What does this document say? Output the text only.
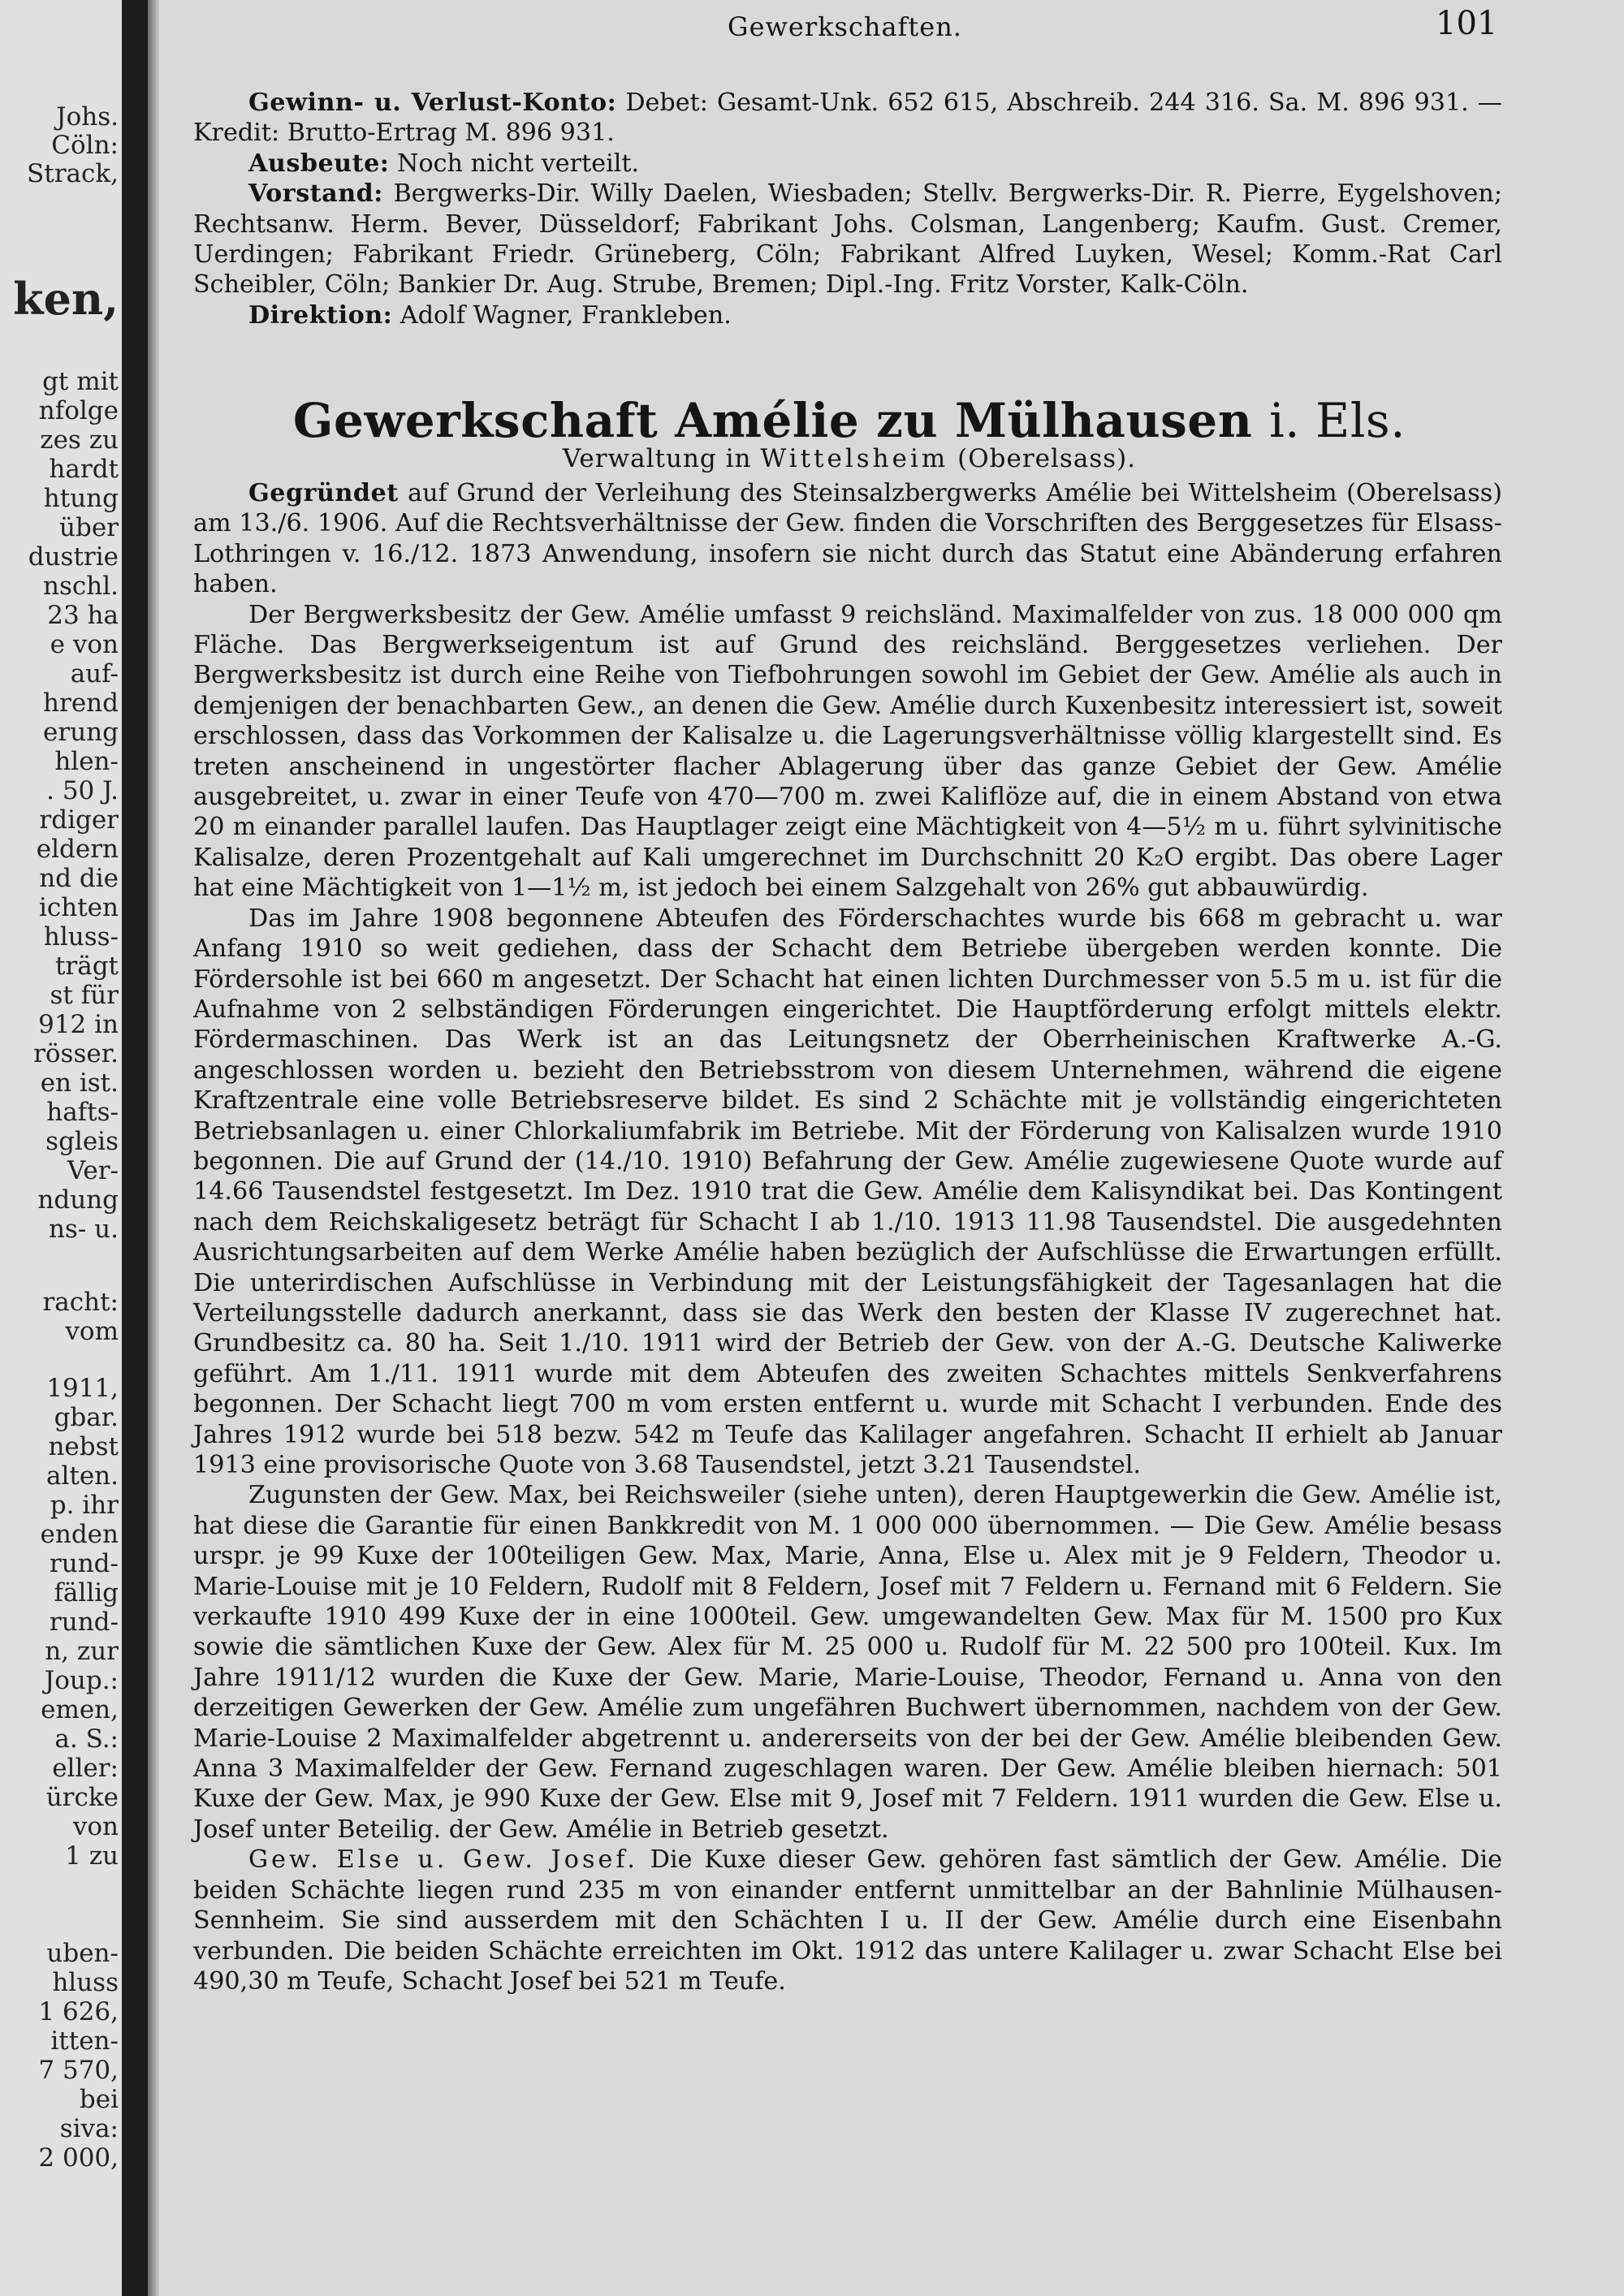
Johs.
Cöln:
Strack,
ken,
gt mit
nfolge
zes zu
hardt
htung
über
dustrie
nschl.
23 ha
e von
auf-
hrend
erung
hlen-
. 50 J.
rdiger
eldern
nd die
ichten
hluss-
trägt
st für
912 in
rösser.
en ist.
hafts-
sgleis
Ver-
ndung
ns- u.
racht:
vom
1911,
gbar.
nebst
alten.
p. ihr
enden
rund-
fällig
rund-
n, zur
Joup.:
emen,
a. S.:
eller:
ürcke
von
1 zu
uben-
hluss
1 626,
itten-
7 570,
bei
siva:
2 000,
Gewerkschaften.	101

Gewinn- u. Verlust-Konto: Debet: Gesamt-Unk. 652 615, Abschreib. 244 316. Sa. M. 896 931. — Kredit: Brutto-Ertrag M. 896 931.

Ausbeute: Noch nicht verteilt.

Vorstand: Bergwerks-Dir. Willy Daelen, Wiesbaden; Stellv. Bergwerks-Dir. R. Pierre, Eygelshoven; Rechtsanw. Herm. Bever, Düsseldorf; Fabrikant Johs. Colsman, Langenberg; Kaufm. Gust. Cremer, Uerdingen; Fabrikant Friedr. Grüneberg, Cöln; Fabrikant Alfred Luyken, Wesel; Komm.-Rat Carl Scheibler, Cöln; Bankier Dr. Aug. Strube, Bremen; Dipl.-Ing. Fritz Vorster, Kalk-Cöln.

Direktion: Adolf Wagner, Frankleben.

Gewerkschaft Amélie zu Mülhausen i. Els.
Verwaltung in Wittelsheim (Oberelsass).

Gegründet auf Grund der Verleihung des Steinsalzbergwerks Amélie bei Wittelsheim (Oberelsass) am 13./6. 1906. Auf die Rechtsverhältnisse der Gew. finden die Vorschriften des Berggesetzes für Elsass-Lothringen v. 16./12. 1873 Anwendung, insofern sie nicht durch das Statut eine Abänderung erfahren haben.

Der Bergwerksbesitz der Gew. Amélie umfasst 9 reichsländ. Maximalfelder von zus. 18 000 000 qm Fläche. Das Bergwerkseigentum ist auf Grund des reichsländ. Berggesetzes verliehen. Der Bergwerksbesitz ist durch eine Reihe von Tiefbohrungen sowohl im Gebiet der Gew. Amélie als auch in demjenigen der benachbarten Gew., an denen die Gew. Amélie durch Kuxenbesitz interessiert ist, soweit erschlossen, dass das Vorkommen der Kalisalze u. die Lagerungsverhältnisse völlig klargestellt sind. Es treten anscheinend in ungestörter flacher Ablagerung über das ganze Gebiet der Gew. Amélie ausgebreitet, u. zwar in einer Teufe von 470—700 m. zwei Kaliflöze auf, die in einem Abstand von etwa 20 m einander parallel laufen. Das Hauptlager zeigt eine Mächtigkeit von 4—5½ m u. führt sylvinitische Kalisalze, deren Prozentgehalt auf Kali umgerechnet im Durchschnitt 20 K₂O ergibt. Das obere Lager hat eine Mächtigkeit von 1—1½ m, ist jedoch bei einem Salzgehalt von 26% gut abbauwürdig.

Das im Jahre 1908 begonnene Abteufen des Förderschachtes wurde bis 668 m gebracht u. war Anfang 1910 so weit gediehen, dass der Schacht dem Betriebe übergeben werden konnte. Die Fördersohle ist bei 660 m angesetzt. Der Schacht hat einen lichten Durchmesser von 5.5 m u. ist für die Aufnahme von 2 selbständigen Förderungen eingerichtet. Die Hauptförderung erfolgt mittels elektr. Fördermaschinen. Das Werk ist an das Leitungsnetz der Oberrheinischen Kraftwerke A.-G. angeschlossen worden u. bezieht den Betriebsstrom von diesem Unternehmen, während die eigene Kraftzentrale eine volle Betriebsreserve bildet. Es sind 2 Schächte mit je vollständig eingerichteten Betriebsanlagen u. einer Chlorkaliumfabrik im Betriebe. Mit der Förderung von Kalisalzen wurde 1910 begonnen. Die auf Grund der (14./10. 1910) Befahrung der Gew. Amélie zugewiesene Quote wurde auf 14.66 Tausendstel festgesetzt. Im Dez. 1910 trat die Gew. Amélie dem Kalisyndikat bei. Das Kontingent nach dem Reichskaligesetz beträgt für Schacht I ab 1./10. 1913 11.98 Tausendstel. Die ausgedehnten Ausrichtungsarbeiten auf dem Werke Amélie haben bezüglich der Aufschlüsse die Erwartungen erfüllt. Die unterirdischen Aufschlüsse in Verbindung mit der Leistungsfähigkeit der Tagesanlagen hat die Verteilungsstelle dadurch anerkannt, dass sie das Werk den besten der Klasse IV zugerechnet hat. Grundbesitz ca. 80 ha. Seit 1./10. 1911 wird der Betrieb der Gew. von der A.-G. Deutsche Kaliwerke geführt. Am 1./11. 1911 wurde mit dem Abteufen des zweiten Schachtes mittels Senkverfahrens begonnen. Der Schacht liegt 700 m vom ersten entfernt u. wurde mit Schacht I verbunden. Ende des Jahres 1912 wurde bei 518 bezw. 542 m Teufe das Kalilager angefahren. Schacht II erhielt ab Januar 1913 eine provisorische Quote von 3.68 Tausendstel, jetzt 3.21 Tausendstel.

Zugunsten der Gew. Max, bei Reichsweiler (siehe unten), deren Hauptgewerkin die Gew. Amélie ist, hat diese die Garantie für einen Bankkredit von M. 1 000 000 übernommen. — Die Gew. Amélie besass urspr. je 99 Kuxe der 100teiligen Gew. Max, Marie, Anna, Else u. Alex mit je 9 Feldern, Theodor u. Marie-Louise mit je 10 Feldern, Rudolf mit 8 Feldern, Josef mit 7 Feldern u. Fernand mit 6 Feldern. Sie verkaufte 1910 499 Kuxe der in eine 1000teil. Gew. umgewandelten Gew. Max für M. 1500 pro Kux sowie die sämtlichen Kuxe der Gew. Alex für M. 25 000 u. Rudolf für M. 22 500 pro 100teil. Kux. Im Jahre 1911/12 wurden die Kuxe der Gew. Marie, Marie-Louise, Theodor, Fernand u. Anna von den derzeitigen Gewerken der Gew. Amélie zum ungefähren Buchwert übernommen, nachdem von der Gew. Marie-Louise 2 Maximalfelder abgetrennt u. andererseits von der bei der Gew. Amélie bleibenden Gew. Anna 3 Maximalfelder der Gew. Fernand zugeschlagen waren. Der Gew. Amélie bleiben hiernach: 501 Kuxe der Gew. Max, je 990 Kuxe der Gew. Else mit 9, Josef mit 7 Feldern. 1911 wurden die Gew. Else u. Josef unter Beteilig. der Gew. Amélie in Betrieb gesetzt.

Gew. Else u. Gew. Josef. Die Kuxe dieser Gew. gehören fast sämtlich der Gew. Amélie. Die beiden Schächte liegen rund 235 m von einander entfernt unmittelbar an der Bahnlinie Mülhausen-Sennheim. Sie sind ausserdem mit den Schächten I u. II der Gew. Amélie durch eine Eisenbahn verbunden. Die beiden Schächte erreichten im Okt. 1912 das untere Kalilager u. zwar Schacht Else bei 490,30 m Teufe, Schacht Josef bei 521 m Teufe.
